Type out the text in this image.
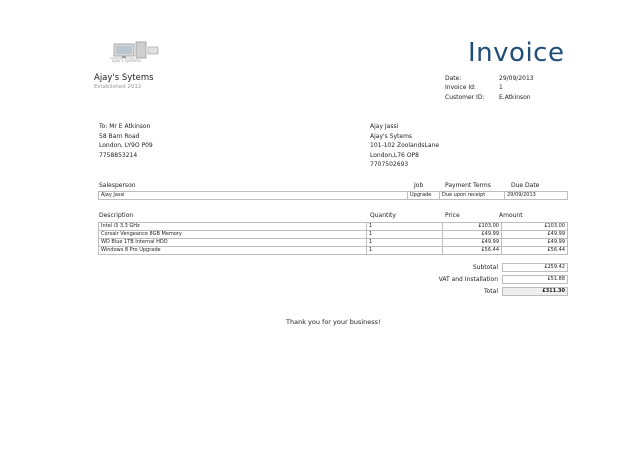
ajay's systems	Invoice
Ajay's Sytems
Established 2012
Date:	29/09/2013
Invoice Id:	1
Customer ID: E.Atkinson
To: Mr E Atkinson
58 Barn Road
London, LY9O P09
7758853214
Ajay Jassi
Ajay's Sytems
101-102 ZoolandsLane
London,L76 OP8
7707502693
Salesperson	Job	Payment Terms	Due Date
Ajay Jassi	Upgrade	Due upon receipt	29/09/2013
Description	Quantity	Price	Amount
Intel i3 3.3 GHz	1	£103.00	£103.00
Corsair Vengeance 8GB Memory	1	£49.99	£49.99
WD Blue 1TB Internal HDD	1	£49.99	£49.99
Windows 8 Pro Upgrade	1	£56.44	£56.44
Subtotal	£259.42
VAT and Installation	£51.88
Total	£311.30
Thank you for your business!
